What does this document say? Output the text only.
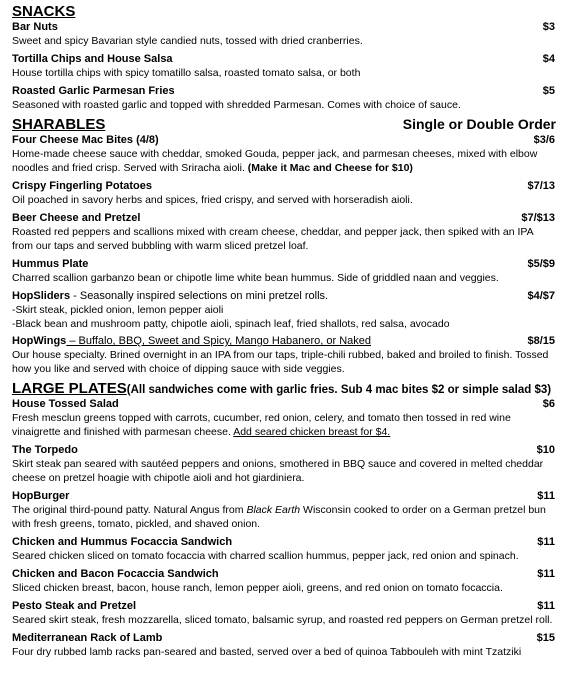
SNACKS
Bar Nuts	$3
Sweet and spicy Bavarian style candied nuts, tossed with dried cranberries.
Tortilla Chips and House Salsa	$4
House tortilla chips with spicy tomatillo salsa, roasted tomato salsa, or both
Roasted Garlic Parmesan Fries	$5
Seasoned with roasted garlic and topped with shredded Parmesan. Comes with choice of sauce.
SHARABLES	Single or Double Order
Four Cheese Mac Bites (4/8)	$3/6
Home-made cheese sauce with cheddar, smoked Gouda, pepper jack, and parmesan cheeses, mixed with elbow noodles and fried crisp. Served with Sriracha aioli. (Make it Mac and Cheese for $10)
Crispy Fingerling Potatoes	$7/13
Oil poached in savory herbs and spices, fried crispy, and served with horseradish aioli.
Beer Cheese and Pretzel	$7/$13
Roasted red peppers and scallions mixed with cream cheese, cheddar, and pepper jack, then spiked with an IPA from our taps and served bubbling with warm sliced pretzel loaf.
Hummus Plate	$5/$9
Charred scallion garbanzo bean or chipotle lime white bean hummus. Side of griddled naan and veggies.
HopSliders - Seasonally inspired selections on mini pretzel rolls.	$4/$7
-Skirt steak, pickled onion, lemon pepper aioli
-Black bean and mushroom patty, chipotle aioli, spinach leaf, fried shallots, red salsa, avocado
HopWings – Buffalo, BBQ, Sweet and Spicy, Mango Habanero, or Naked	$8/15
Our house specialty. Brined overnight in an IPA from our taps, triple-chili rubbed, baked and broiled to finish. Tossed how you like and served with choice of dipping sauce with side veggies.
LARGE PLATES (All sandwiches come with garlic fries. Sub 4 mac bites $2 or simple salad $3)
House Tossed Salad	$6
Fresh mesclun greens topped with carrots, cucumber, red onion, celery, and tomato then tossed in red wine vinaigrette and finished with parmesan cheese. Add seared chicken breast for $4.
The Torpedo	$10
Skirt steak pan seared with sautéed peppers and onions, smothered in BBQ sauce and covered in melted cheddar cheese on pretzel hoagie with chipotle aioli and hot giardiniera.
HopBurger	$11
The original third-pound patty. Natural Angus from Black Earth Wisconsin cooked to order on a German pretzel bun with fresh greens, tomato, pickled, and shaved onion.
Chicken and Hummus Focaccia Sandwich	$11
Seared chicken sliced on tomato focaccia with charred scallion hummus, pepper jack, red onion and spinach.
Chicken and Bacon Focaccia Sandwich	$11
Sliced chicken breast, bacon, house ranch, lemon pepper aioli, greens, and red onion on tomato focaccia.
Pesto Steak and Pretzel	$11
Seared skirt steak, fresh mozzarella, sliced tomato, balsamic syrup, and roasted red peppers on German pretzel roll.
Mediterranean Rack of Lamb	$15
Four dry rubbed lamb racks pan-seared and basted, served over a bed of quinoa Tabbouleh with mint Tzatziki
